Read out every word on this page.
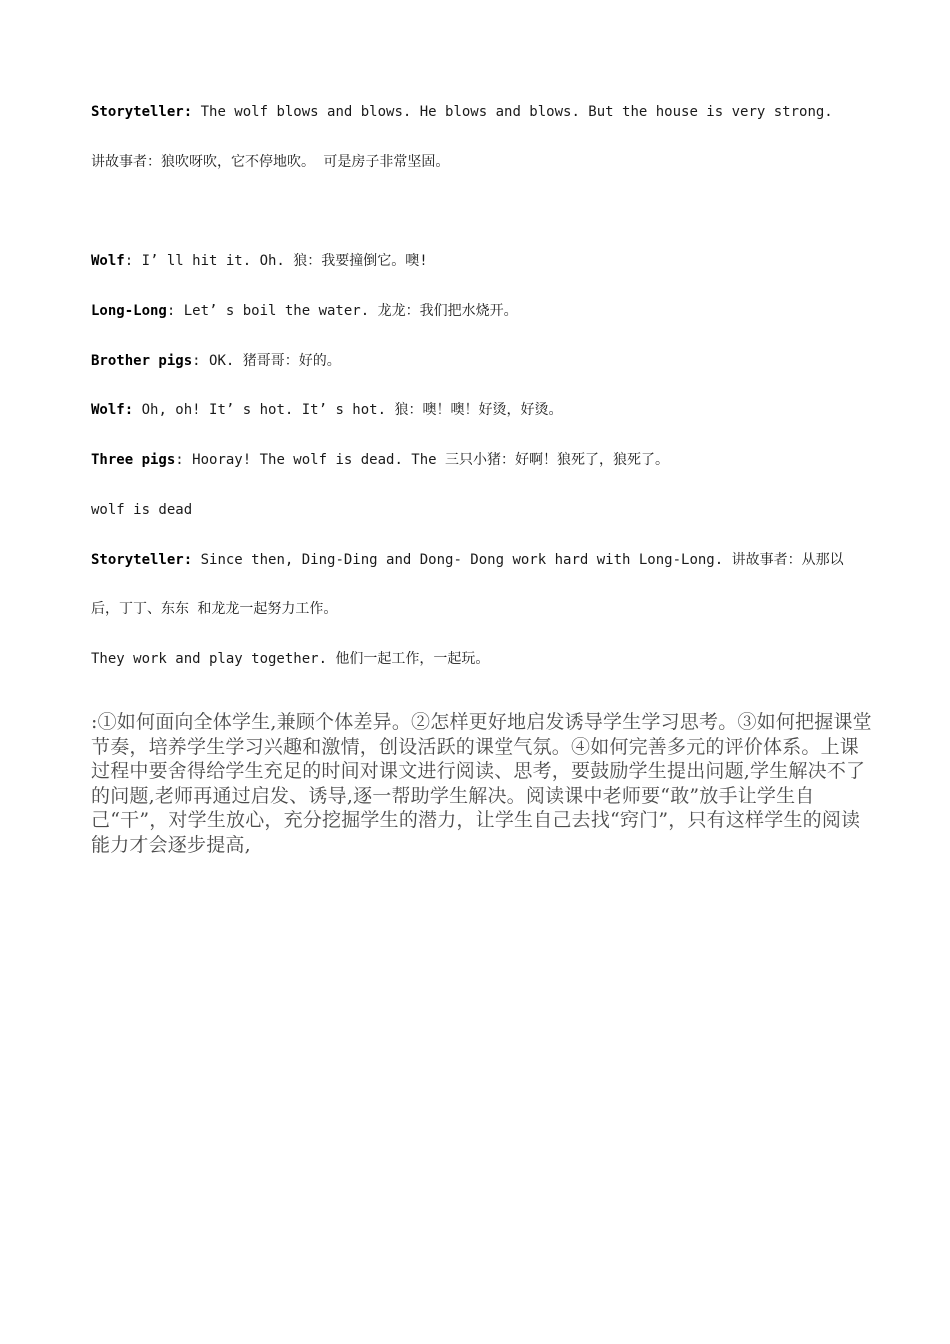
Storyteller: The wolf blows and blows. He blows and blows. But the house is very strong.
讲故事者：狼吹呀吹，它不停地吹。 可是房子非常坚固。
Wolf: I’ ll hit it. Oh. 狼：我要撞倒它。噢!
Long-Long: Let’ s boil the water. 龙龙：我们把水烧开。
Brother pigs: OK. 猪哥哥：好的。
Wolf: Oh, oh! It’ s hot. It’ s hot. 狼：噢！噢！好烫，好烫。
Three pigs: Hooray! The wolf is dead. The 三只小猪：好啊！狼死了，狼死了。
wolf is dead
Storyteller: Since then, Ding-Ding and Dong- Dong work hard with Long-Long. 讲故事者：从那以
后，丁丁、东东 和龙龙一起努力工作。
They work and play together. 他们一起工作，一起玩。
:①如何面向全体学生,兼顾个体差异。②怎样更好地启发诱导学生学习思考。③如何把握课堂节奏，培养学生学习兴趣和激情，创设活跃的课堂气氛。④如何完善多元的评价体系。上课过程中要舍得给学生充足的时间对课文进行阅读、思考，要鼓励学生提出问题,学生解决不了的问题,老师再通过启发、诱导,逐一帮助学生解决。阅读课中老师要“敢”放手让学生自己“干”，对学生放心，充分挖掘学生的潜力，让学生自己去找“窍门”，只有这样学生的阅读能力才会逐步提高,
